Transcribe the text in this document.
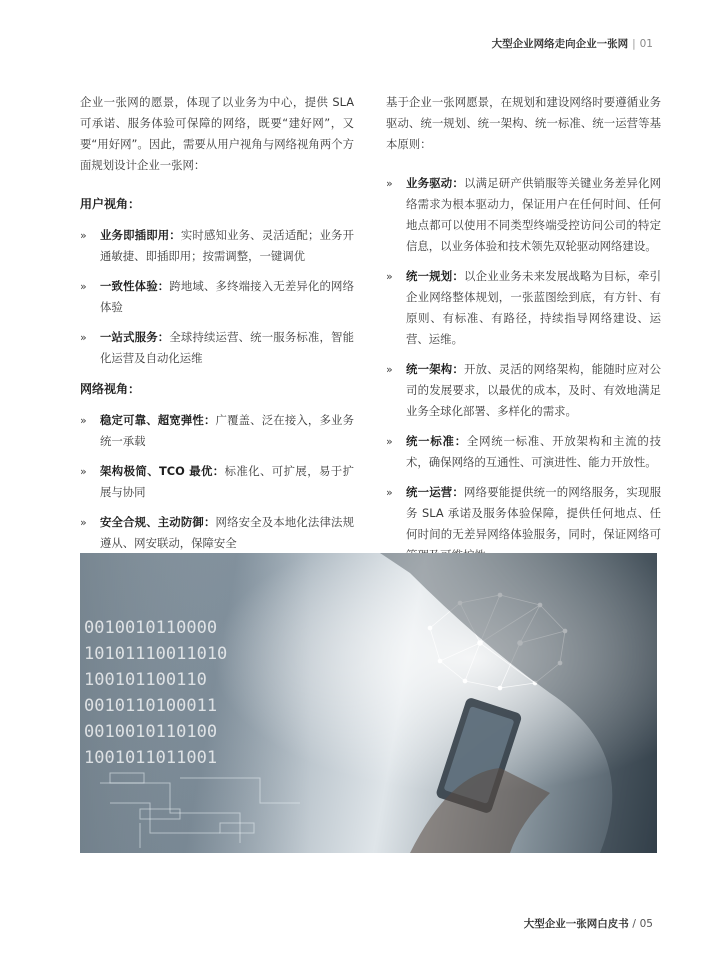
大型企业网络走向企业一张网 | 01

企业一张网的愿景，体现了以业务为中心，提供 SLA 可承诺、服务体验可保障的网络，既要“建好网”，又要“用好网”。因此，需要从用户视角与网络视角两个方面规划设计企业一张网：

用户视角：
» 业务即插即用：实时感知业务、灵活适配；业务开通敏捷、即插即用；按需调整，一键调优
» 一致性体验：跨地域、多终端接入无差异化的网络体验
» 一站式服务：全球持续运营、统一服务标准，智能化运营及自动化运维
网络视角：
» 稳定可靠、超宽弹性：广覆盖、泛在接入，多业务统一承载
» 架构极简、TCO 最优：标准化、可扩展，易于扩展与协同
» 安全合规、主动防御：网络安全及本地化法律法规遵从、网安联动，保障安全

基于企业一张网愿景，在规划和建设网络时要遵循业务驱动、统一规划、统一架构、统一标准、统一运营等基本原则：

» 业务驱动：以满足研产供销服等关键业务差异化网络需求为根本驱动力，保证用户在任何时间、任何地点都可以使用不同类型终端受控访问公司的特定信息，以业务体验和技术领先双轮驱动网络建设。
» 统一规划：以企业业务未来发展战略为目标，牵引企业网络整体规划，一张蓝图绘到底，有方针、有原则、有标准、有路径，持续指导网络建设、运营、运维。
» 统一架构：开放、灵活的网络架构，能随时应对公司的发展要求，以最优的成本，及时、有效地满足业务全球化部署、多样化的需求。
» 统一标准：全网统一标准、开放架构和主流的技术，确保网络的互通性、可演进性、能力开放性。
» 统一运营：网络要能提供统一的网络服务，实现服务 SLA 承诺及服务体验保障，提供任何地点、任何时间的无差异网络体验服务，同时，保证网络可
0010010110000
10101110011010
100101100110
0010110100011
0010010110100
1001011011001
大型企业一张网白皮书 / 05
